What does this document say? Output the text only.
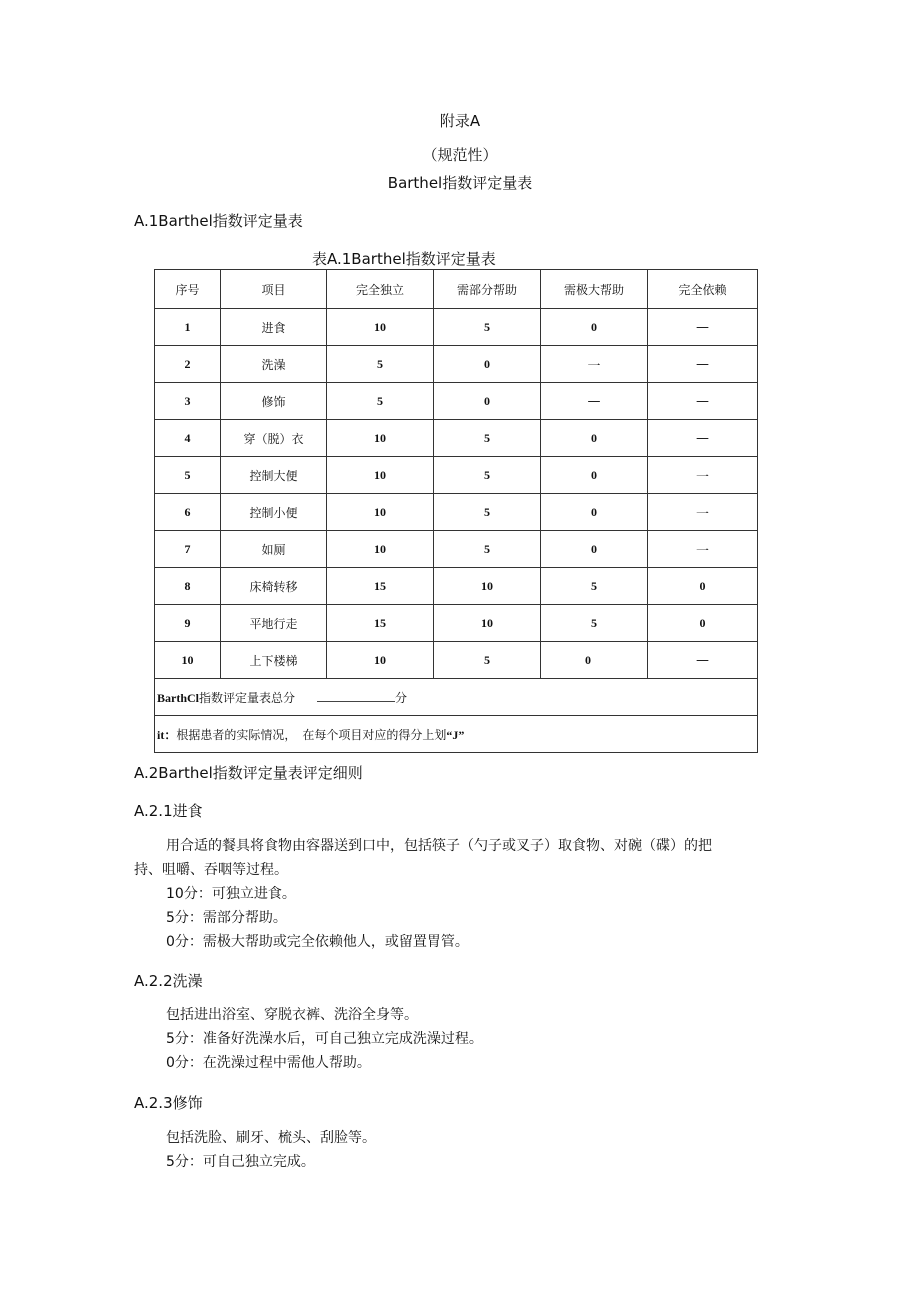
附录A
（规范性）
Barthel指数评定量表
A.1Barthel指数评定量表
表A.1Barthel指数评定量表
序号	项目	完全独立	需部分帮助	需极大帮助	完全依赖
1	进食	10	5	0	—
2	洗澡	5	0	一	—
3	修饰	5	0	—	—
4	穿（脱）衣	10	5	0	—
5	控制大便	10	5	0	一
6	控制小便	10	5	0	一
7	如厕	10	5	0	一
8	床椅转移	15	10	5	0
9	平地行走	15	10	5	0
10	上下楼梯	10	5	0	—
BarthCl指数评定量表总分 分					
it：根据患者的实际情况，　在每个项目对应的得分上划“J”					
A.2Barthel指数评定量表评定细则
A.2.1进食
用合适的餐具将食物由容器送到口中，包括筷子（勺子或叉子）取食物、对碗（碟）的把
持、咀嚼、吞咽等过程。
10分：可独立进食。
5分：需部分帮助。
0分：需极大帮助或完全依赖他人，或留置胃管。
A.2.2洗澡
包括进出浴室、穿脱衣裤、洗浴全身等。
5分：准备好洗澡水后，可自己独立完成洗澡过程。
0分：在洗澡过程中需他人帮助。
A.2.3修饰
包括洗脸、刷牙、梳头、刮脸等。
5分：可自己独立完成。
